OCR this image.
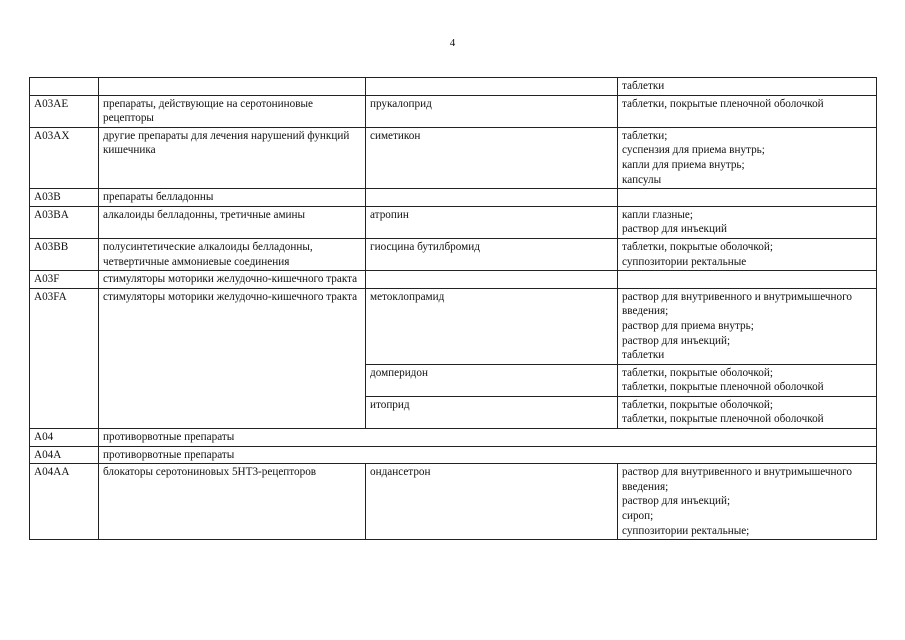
4

			таблетки

A03AE	препараты, действующие на серотониновые рецепторы	прукалоприд	таблетки, покрытые пленочной оболочкой

A03AX	другие препараты для лечения нарушений функций кишечника	симетикон	таблетки;
суспензия для приема внутрь;
капли для приема внутрь;
капсулы

A03B	препараты белладонны		
A03BA	алкалоиды белладонны, третичные амины	атропин	капли глазные;
раствор для инъекций

A03BB	полусинтетические алкалоиды белладонны, четвертичные аммониевые соединения	гиосцина бутилбромид	таблетки, покрытые оболочкой;
суппозитории ректальные

A03F	стимуляторы моторики желудочно-кишечного тракта		
A03FA	стимуляторы моторики желудочно-кишечного тракта	метоклопрамид	раствор для внутривенного и внутримышечного введения;
раствор для приема внутрь;
раствор для инъекций;
таблетки

		домперидон	таблетки, покрытые оболочкой;
таблетки, покрытые пленочной оболочкой

		итоприд	таблетки, покрытые оболочкой;
таблетки, покрытые пленочной оболочкой

A04	противорвотные препараты		
A04A	противорвотные препараты		
A04AA	блокаторы серотониновых 5HT3-рецепторов	ондансетрон	раствор для внутривенного и внутримышечного введения;
раствор для инъекций;
сироп;
суппозитории ректальные;
